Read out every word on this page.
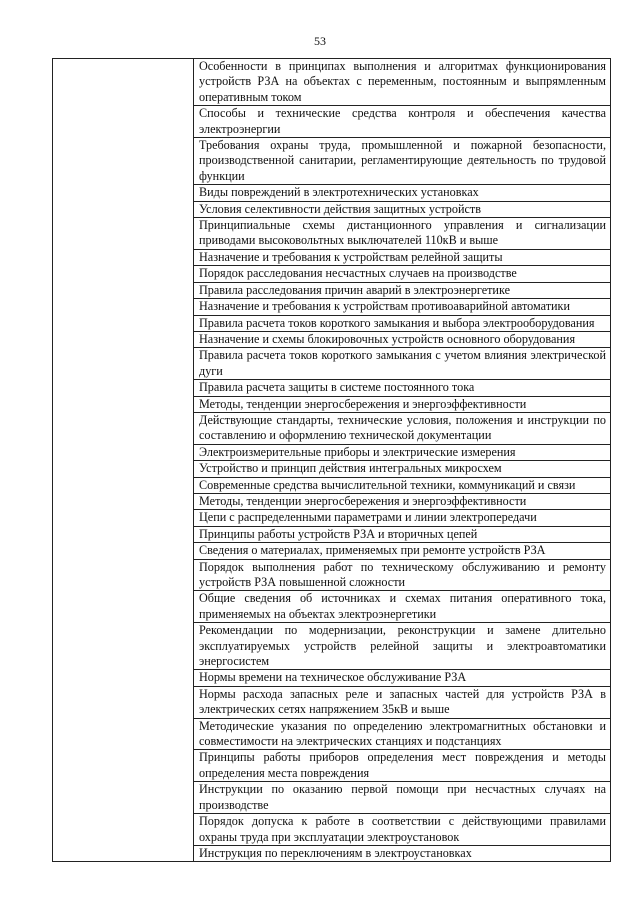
53
Особенности в принципах выполнения и алгоритмах функционирования устройств РЗА на объектах с переменным, постоянным и выпрямленным оперативным током
Способы и технические средства контроля и обеспечения качества электроэнергии
Требования охраны труда, промышленной и пожарной безопасности, производственной санитарии, регламентирующие деятельность по трудовой функции
Виды повреждений в электротехнических установках
Условия селективности действия защитных устройств
Принципиальные схемы дистанционного управления и сигнализации приводами высоковольтных выключателей 110кВ и выше
Назначение и требования к устройствам релейной защиты
Порядок расследования несчастных случаев на производстве
Правила расследования причин аварий в электроэнергетике
Назначение и требования к устройствам противоаварийной автоматики
Правила расчета токов короткого замыкания и выбора электрооборудования
Назначение и схемы блокировочных устройств основного оборудования
Правила расчета токов короткого замыкания с учетом влияния электрической дуги
Правила расчета защиты в системе постоянного тока
Методы, тенденции энергосбережения и энергоэффективности
Действующие стандарты, технические условия, положения и инструкции по составлению и оформлению технической документации
Электроизмерительные приборы и электрические измерения
Устройство и принцип действия интегральных микросхем
Современные средства вычислительной техники, коммуникаций и связи
Методы, тенденции энергосбережения и энергоэффективности
Цепи с распределенными параметрами и линии электропередачи
Принципы работы устройств РЗА и вторичных цепей
Сведения о материалах, применяемых при ремонте устройств РЗА
Порядок выполнения работ по техническому обслуживанию и ремонту устройств РЗА повышенной сложности
Общие сведения об источниках и схемах питания оперативного тока, применяемых на объектах электроэнергетики
Рекомендации по модернизации, реконструкции и замене длительно эксплуатируемых устройств релейной защиты и электроавтоматики энергосистем
Нормы времени на техническое обслуживание РЗА
Нормы расхода запасных реле и запасных частей для устройств РЗА в электрических сетях напряжением 35кВ и выше
Методические указания по определению электромагнитных обстановки и совместимости на электрических станциях и подстанциях
Принципы работы приборов определения мест повреждения и методы определения места повреждения
Инструкции по оказанию первой помощи при несчастных случаях на производстве
Порядок допуска к работе в соответствии с действующими правилами охраны труда при эксплуатации электроустановок
Инструкция по переключениям в электроустановках
